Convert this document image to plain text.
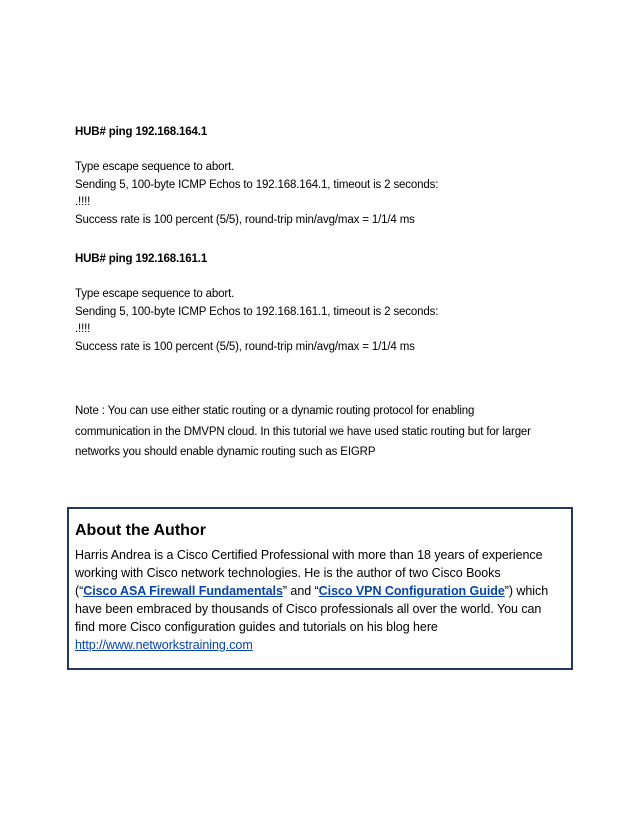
HUB# ping 192.168.164.1

Type escape sequence to abort.
Sending 5, 100-byte ICMP Echos to 192.168.164.1, timeout is 2 seconds:
.!!!!
Success rate is 100 percent (5/5), round-trip min/avg/max = 1/1/4 ms
HUB# ping 192.168.161.1

Type escape sequence to abort.
Sending 5, 100-byte ICMP Echos to 192.168.161.1, timeout is 2 seconds:
.!!!!
Success rate is 100 percent (5/5), round-trip min/avg/max = 1/1/4 ms
Note : You can use either static routing or a dynamic routing protocol for enabling
communication in the DMVPN cloud. In this tutorial we have used static routing but for larger
networks you should enable dynamic routing such as EIGRP
About the Author
Harris Andrea is a Cisco Certified Professional with more than 18 years of experience
working with Cisco network technologies. He is the author of two Cisco Books
(“Cisco ASA Firewall Fundamentals” and “Cisco VPN Configuration Guide”) which
have been embraced by thousands of Cisco professionals all over the world. You can
find more Cisco configuration guides and tutorials on his blog here
http://www.networkstraining.com
